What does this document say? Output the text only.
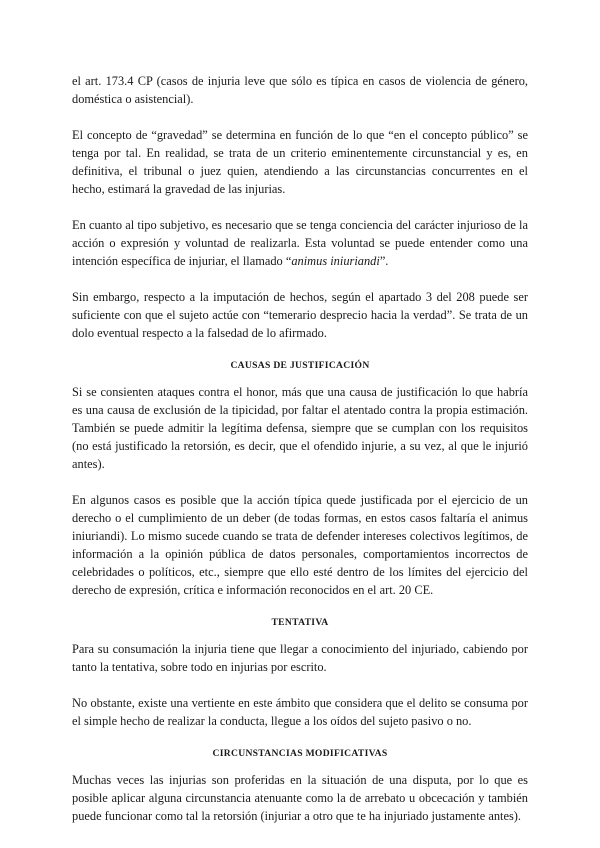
el art. 173.4 CP (casos de injuria leve que sólo es típica en casos de violencia de género, doméstica o asistencial).

El concepto de “gravedad” se determina en función de lo que “en el concepto público” se tenga por tal. En realidad, se trata de un criterio eminentemente circunstancial y es, en definitiva, el tribunal o juez quien, atendiendo a las circunstancias concurrentes en el hecho, estimará la gravedad de las injurias.

En cuanto al tipo subjetivo, es necesario que se tenga conciencia del carácter injurioso de la acción o expresión y voluntad de realizarla. Esta voluntad se puede entender como una intención específica de injuriar, el llamado “animus iniuriandi”.

Sin embargo, respecto a la imputación de hechos, según el apartado 3 del 208 puede ser suficiente con que el sujeto actúe con “temerario desprecio hacia la verdad”. Se trata de un dolo eventual respecto a la falsedad de lo afirmado.

CAUSAS DE JUSTIFICACIÓN

Si se consienten ataques contra el honor, más que una causa de justificación lo que habría es una causa de exclusión de la tipicidad, por faltar el atentado contra la propia estimación. También se puede admitir la legítima defensa, siempre que se cumplan con los requisitos (no está justificado la retorsión, es decir, que el ofendido injurie, a su vez, al que le injurió antes).

En algunos casos es posible que la acción típica quede justificada por el ejercicio de un derecho o el cumplimiento de un deber (de todas formas, en estos casos faltaría el animus iniuriandi). Lo mismo sucede cuando se trata de defender intereses colectivos legítimos, de información a la opinión pública de datos personales, comportamientos incorrectos de celebridades o políticos, etc., siempre que ello esté dentro de los límites del ejercicio del derecho de expresión, crítica e información reconocidos en el art. 20 CE.

TENTATIVA

Para su consumación la injuria tiene que llegar a conocimiento del injuriado, cabiendo por tanto la tentativa, sobre todo en injurias por escrito.

No obstante, existe una vertiente en este ámbito que considera que el delito se consuma por el simple hecho de realizar la conducta, llegue a los oídos del sujeto pasivo o no.

CIRCUNSTANCIAS MODIFICATIVAS

Muchas veces las injurias son proferidas en la situación de una disputa, por lo que es posible aplicar alguna circunstancia atenuante como la de arrebato u obcecación y también puede funcionar como tal la retorsión (injuriar a otro que te ha injuriado justamente antes).
